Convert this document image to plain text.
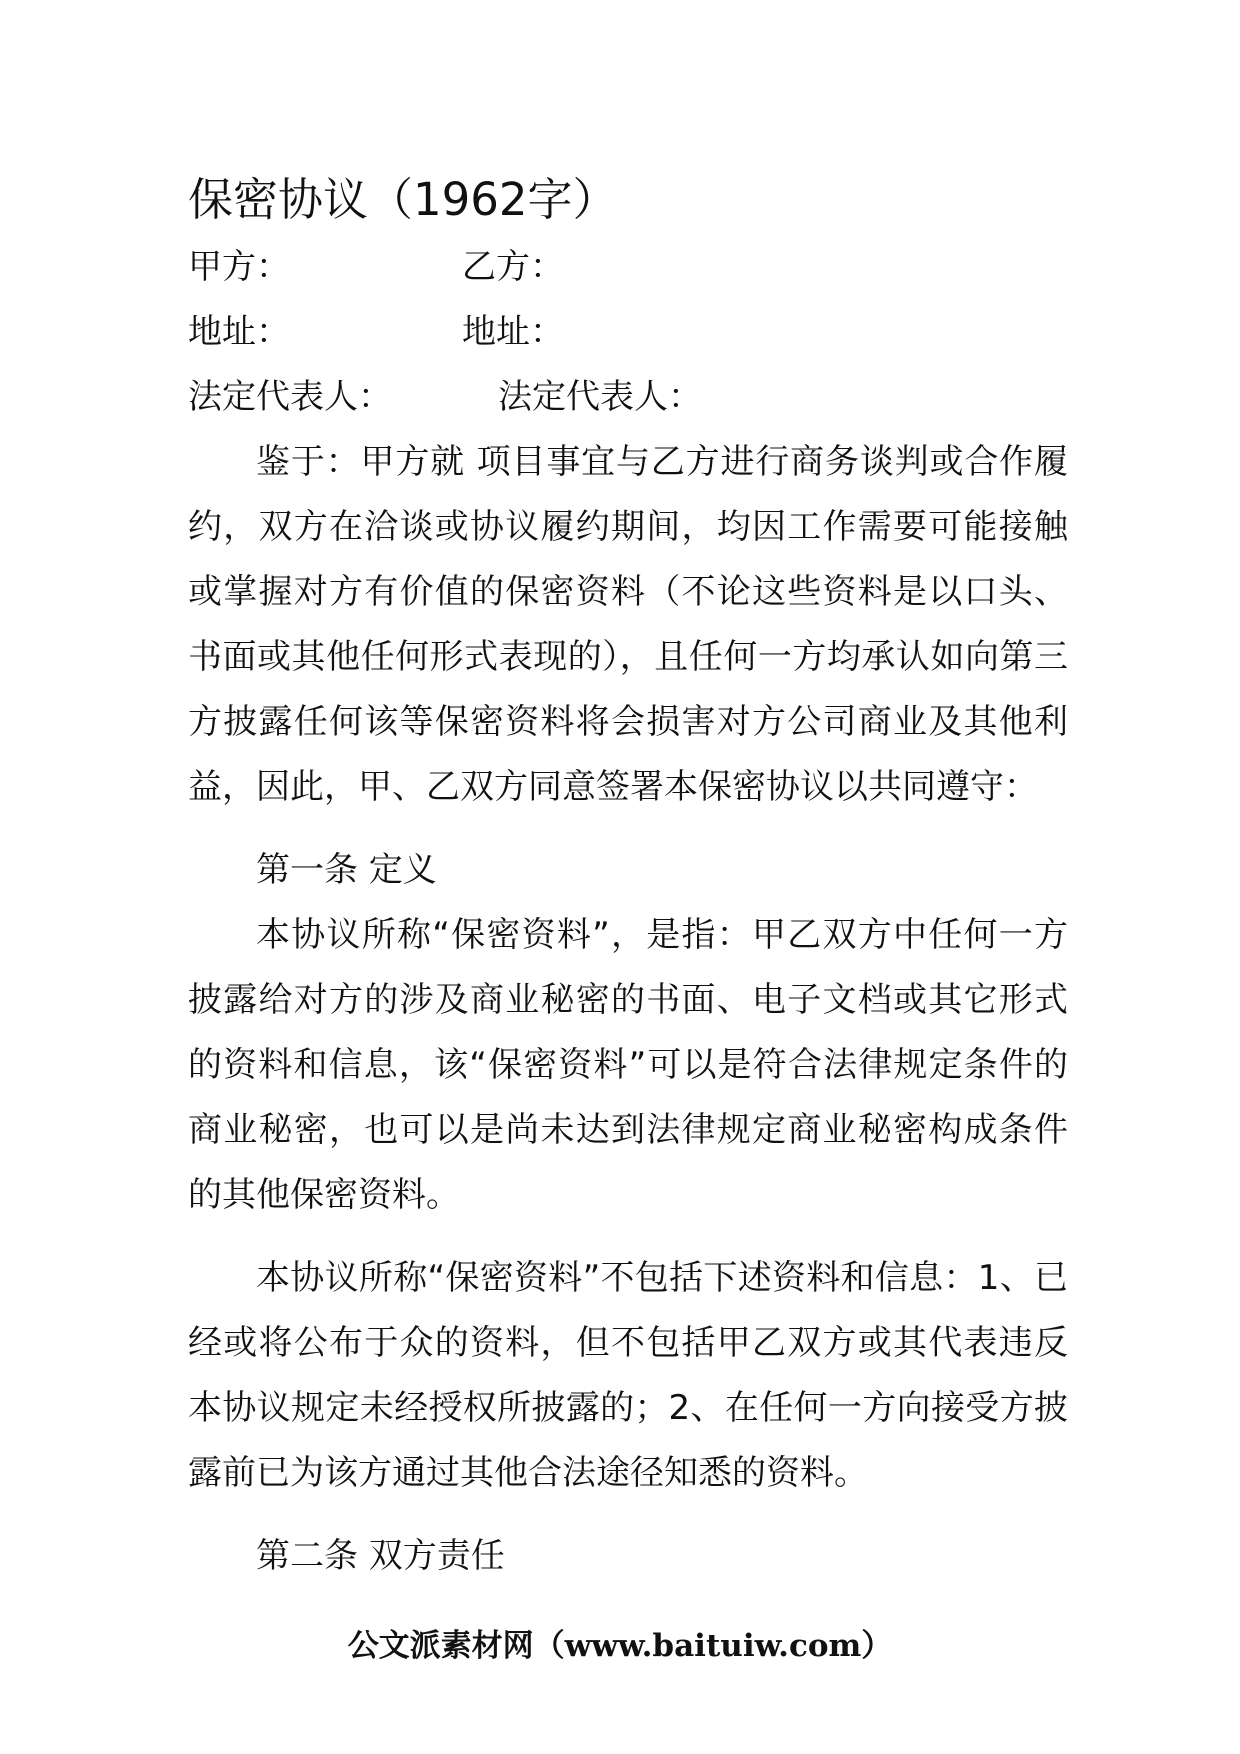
保密协议（1962字）
甲方：	乙方：
地址：	地址：
法定代表人：	法定代表人：

鉴于：甲方就 项目事宜与乙方进行商务谈判或合作履约，双方在洽谈或协议履约期间，均因工作需要可能接触或掌握对方有价值的保密资料（不论这些资料是以口头、书面或其他任何形式表现的），且任何一方均承认如向第三方披露任何该等保密资料将会损害对方公司商业及其他利益，因此，甲、乙双方同意签署本保密协议以共同遵守：

第一条 定义

本协议所称“保密资料”，是指：甲乙双方中任何一方披露给对方的涉及商业秘密的书面、电子文档或其它形式的资料和信息，该“保密资料”可以是符合法律规定条件的商业秘密，也可以是尚未达到法律规定商业秘密构成条件的其他保密资料。

本协议所称“保密资料”不包括下述资料和信息：1、已经或将公布于众的资料，但不包括甲乙双方或其代表违反本协议规定未经授权所披露的；2、在任何一方向接受方披露前已为该方通过其他合法途径知悉的资料。

第二条 双方责任

公文派素材网（www.baituiw.com）
